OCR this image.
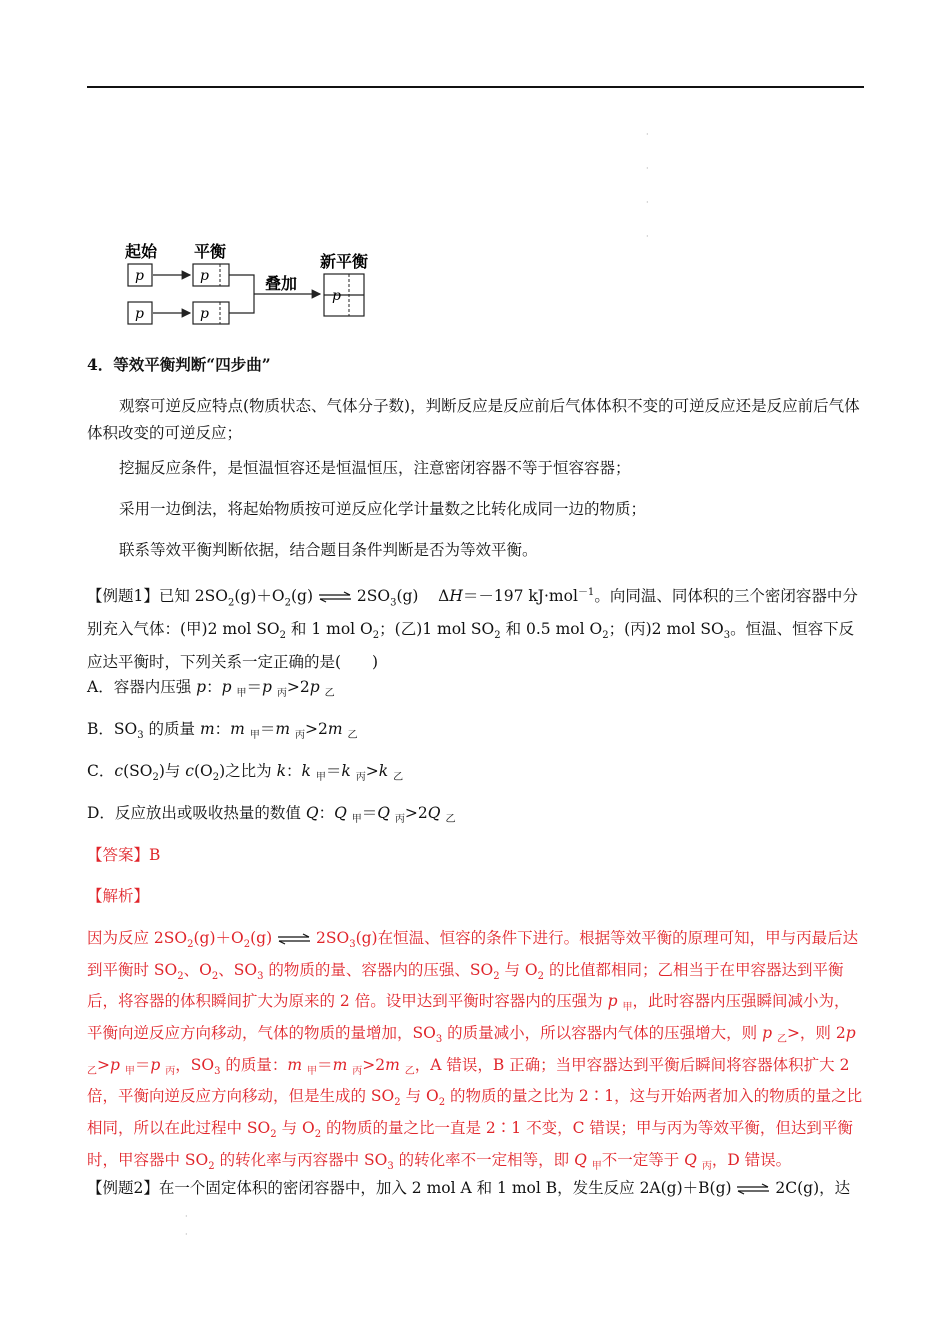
·
·
·
·
起始 平衡
新平衡
叠加
p	p
p	p
p
4．等效平衡判断“四步曲”
观察可逆反应特点(物质状态、气体分子数)，判断反应是反应前后气体体积不变的可逆反应还是反应前后气体体积改变的可逆反应；
挖掘反应条件，是恒温恒容还是恒温恒压，注意密闭容器不等于恒容容器；
采用一边倒法，将起始物质按可逆反应化学计量数之比转化成同一边的物质；
联系等效平衡判断依据，结合题目条件判断是否为等效平衡。
【例题1】已知 $2SO_2(g)+O_2(g)$ ⇌ $2SO_3(g)$    ΔH＝－197 kJ·mol$^{-1}$。向同温、同体积的三个密闭容器中分别充入气体：(甲)2 mol $SO_2$ 和 1 mol $O_2$；(乙)1 mol $SO_2$ 和 0.5 mol $O_2$；(丙)2 mol $SO_3$。恒温、恒容下反应达平衡时，下列关系一定正确的是(　　)
A．容器内压强 p：p $_甲$＝p $_丙$>2p $_乙$
B．$SO_3$ 的质量 m：m $_甲$＝m $_丙$>2m $_乙$
C．$c(SO_2)$与 $c(O_2)$之比为 k：k $_甲$＝k $_丙$>k $_乙$
D．反应放出或吸收热量的数值 Q：Q $_甲$＝Q $_丙$>2Q $_乙$
【答案】B
【解析】
因为反应 $2SO_2(g)+O_2(g)$ ⇌ $2SO_3(g)$在恒温、恒容的条件下进行。根据等效平衡的原理可知，甲与丙最后达到平衡时 $SO_2$、$O_2$、$SO_3$ 的物质的量、容器内的压强、$SO_2$ 与 $O_2$ 的比值都相同；乙相当于在甲容器达到平衡后，将容器的体积瞬间扩大为原来的 2 倍。设甲达到平衡时容器内的压强为 p $_甲$，此时容器内压强瞬间减小为，平衡向逆反应方向移动，气体的物质的量增加，$SO_3$ 的质量减小，所以容器内气体的压强增大，则 p $_乙$>，则 2p $_乙$>p $_甲$＝p $_丙$，$SO_3$ 的质量：m $_甲$＝m $_丙$>2m $_乙$，A 错误，B 正确；当甲容器达到平衡后瞬间将容器体积扩大 2 倍，平衡向逆反应方向移动，但是生成的 $SO_2$ 与 $O_2$ 的物质的量之比为 2∶1，这与开始两者加入的物质的量之比相同，所以在此过程中 $SO_2$ 与 $O_2$ 的物质的量之比一直是 2∶1 不变，C 错误；甲与丙为等效平衡，但达到平衡时，甲容器中 $SO_2$ 的转化率与丙容器中 $SO_3$ 的转化率不一定相等，即 Q $_甲$不一定等于 Q $_丙$，D 错误。
【例题2】在一个固定体积的密闭容器中，加入 2 mol A 和 1 mol B，发生反应 2A(g)＋B(g) ⇌ 2C(g)，达
·
·
